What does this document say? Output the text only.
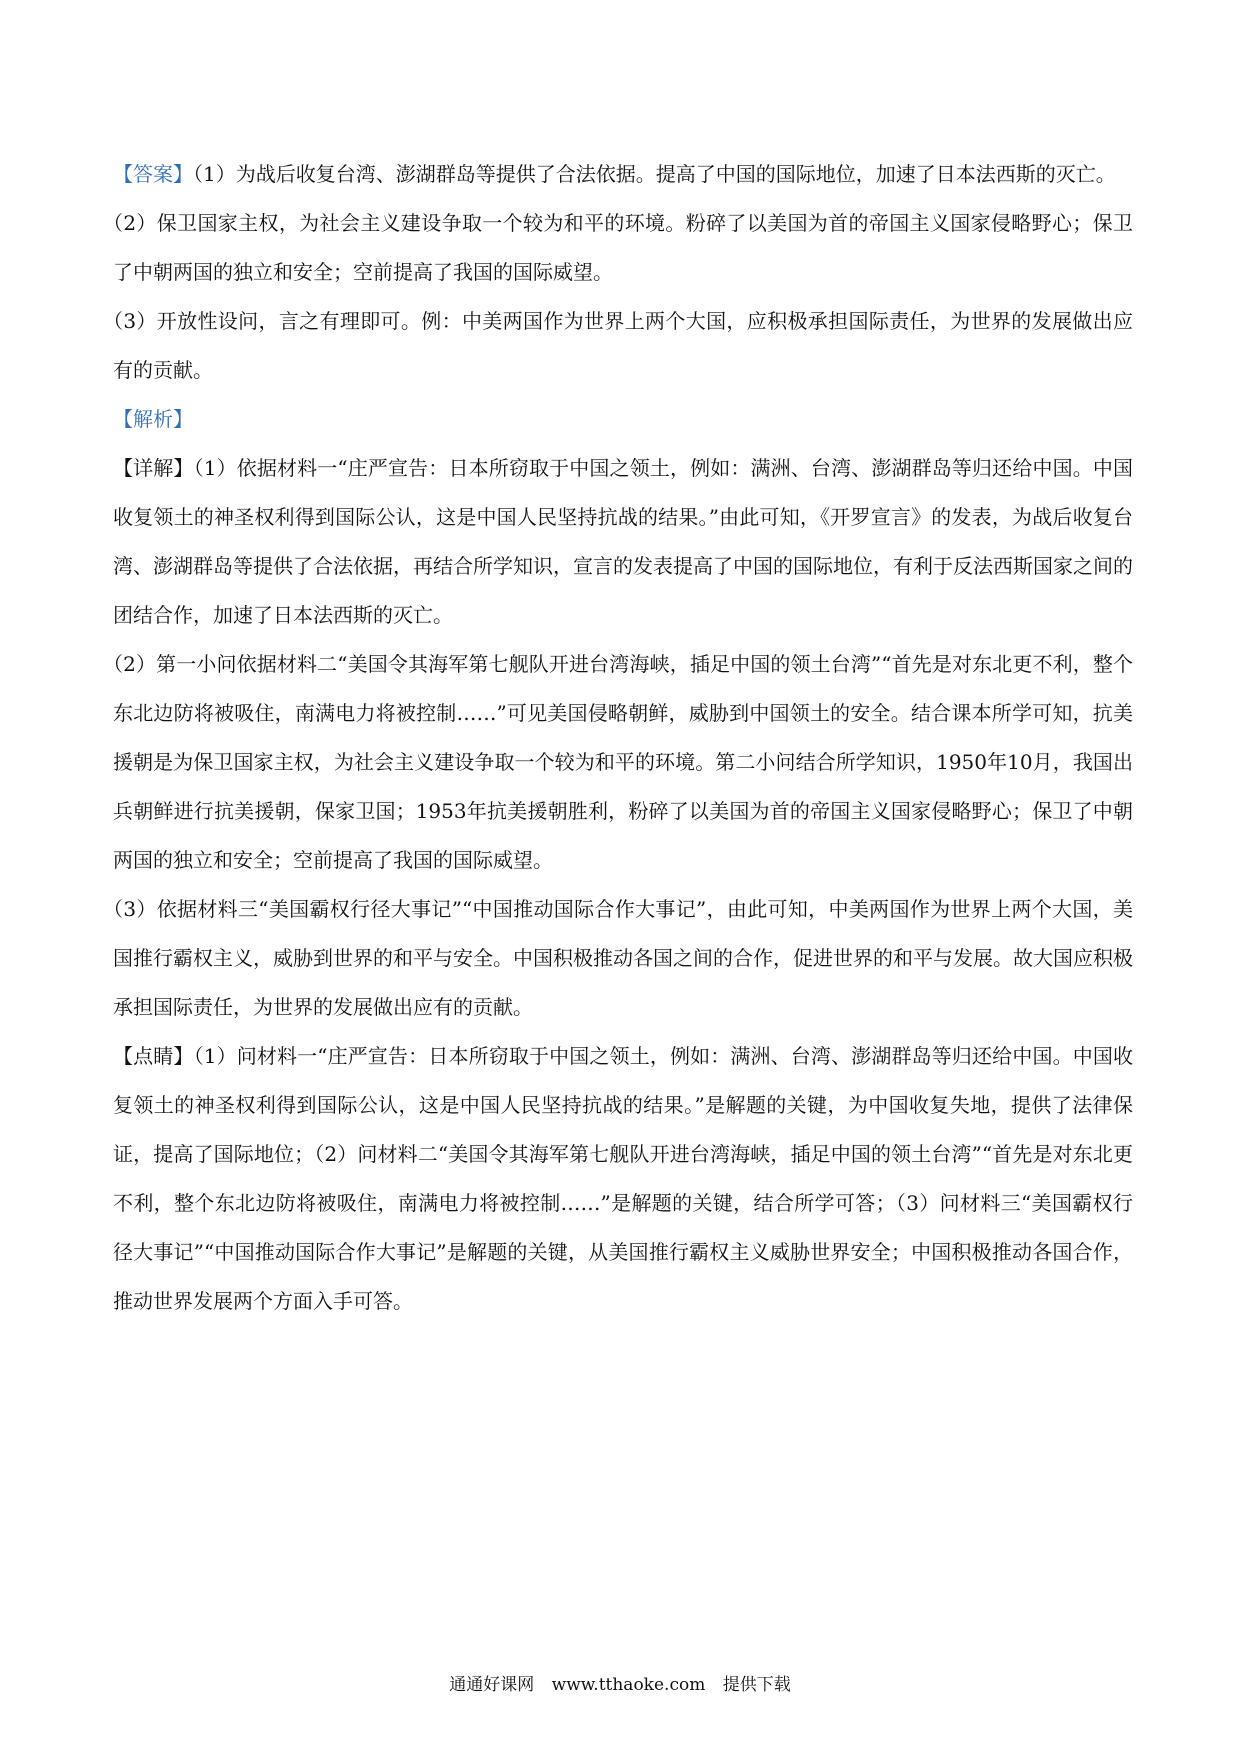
【答案】（1）为战后收复台湾、澎湖群岛等提供了合法依据。提高了中国的国际地位，加速了日本法西斯的灭亡。

（2）保卫国家主权，为社会主义建设争取一个较为和平的环境。粉碎了以美国为首的帝国主义国家侵略野心；保卫了中朝两国的独立和安全；空前提高了我国的国际威望。

（3）开放性设问，言之有理即可。例：中美两国作为世界上两个大国，应积极承担国际责任，为世界的发展做出应有的贡献。

【解析】

【详解】（1）依据材料一“庄严宣告：日本所窃取于中国之领土，例如：满洲、台湾、澎湖群岛等归还给中国。中国收复领土的神圣权利得到国际公认，这是中国人民坚持抗战的结果。”由此可知，《开罗宣言》的发表，为战后收复台湾、澎湖群岛等提供了合法依据，再结合所学知识，宣言的发表提高了中国的国际地位，有利于反法西斯国家之间的团结合作，加速了日本法西斯的灭亡。

（2）第一小问依据材料二“美国令其海军第七舰队开进台湾海峡，插足中国的领土台湾”“首先是对东北更不利，整个东北边防将被吸住，南满电力将被控制……”可见美国侵略朝鲜，威胁到中国领土的安全。结合课本所学可知，抗美援朝是为保卫国家主权，为社会主义建设争取一个较为和平的环境。第二小问结合所学知识，1950年10月，我国出兵朝鲜进行抗美援朝，保家卫国；1953年抗美援朝胜利，粉碎了以美国为首的帝国主义国家侵略野心；保卫了中朝两国的独立和安全；空前提高了我国的国际威望。

（3）依据材料三“美国霸权行径大事记”“中国推动国际合作大事记”，由此可知，中美两国作为世界上两个大国，美国推行霸权主义，威胁到世界的和平与安全。中国积极推动各国之间的合作，促进世界的和平与发展。故大国应积极承担国际责任，为世界的发展做出应有的贡献。

【点睛】（1）问材料一“庄严宣告：日本所窃取于中国之领土，例如：满洲、台湾、澎湖群岛等归还给中国。中国收复领土的神圣权利得到国际公认，这是中国人民坚持抗战的结果。”是解题的关键，为中国收复失地，提供了法律保证，提高了国际地位；（2）问材料二“美国令其海军第七舰队开进台湾海峡，插足中国的领土台湾”“首先是对东北更不利，整个东北边防将被吸住，南满电力将被控制……”是解题的关键，结合所学可答；（3）问材料三“美国霸权行径大事记”“中国推动国际合作大事记”是解题的关键，从美国推行霸权主义威胁世界安全；中国积极推动各国合作，推动世界发展两个方面入手可答。

通通好课网 www.tthaoke.com 提供下载
